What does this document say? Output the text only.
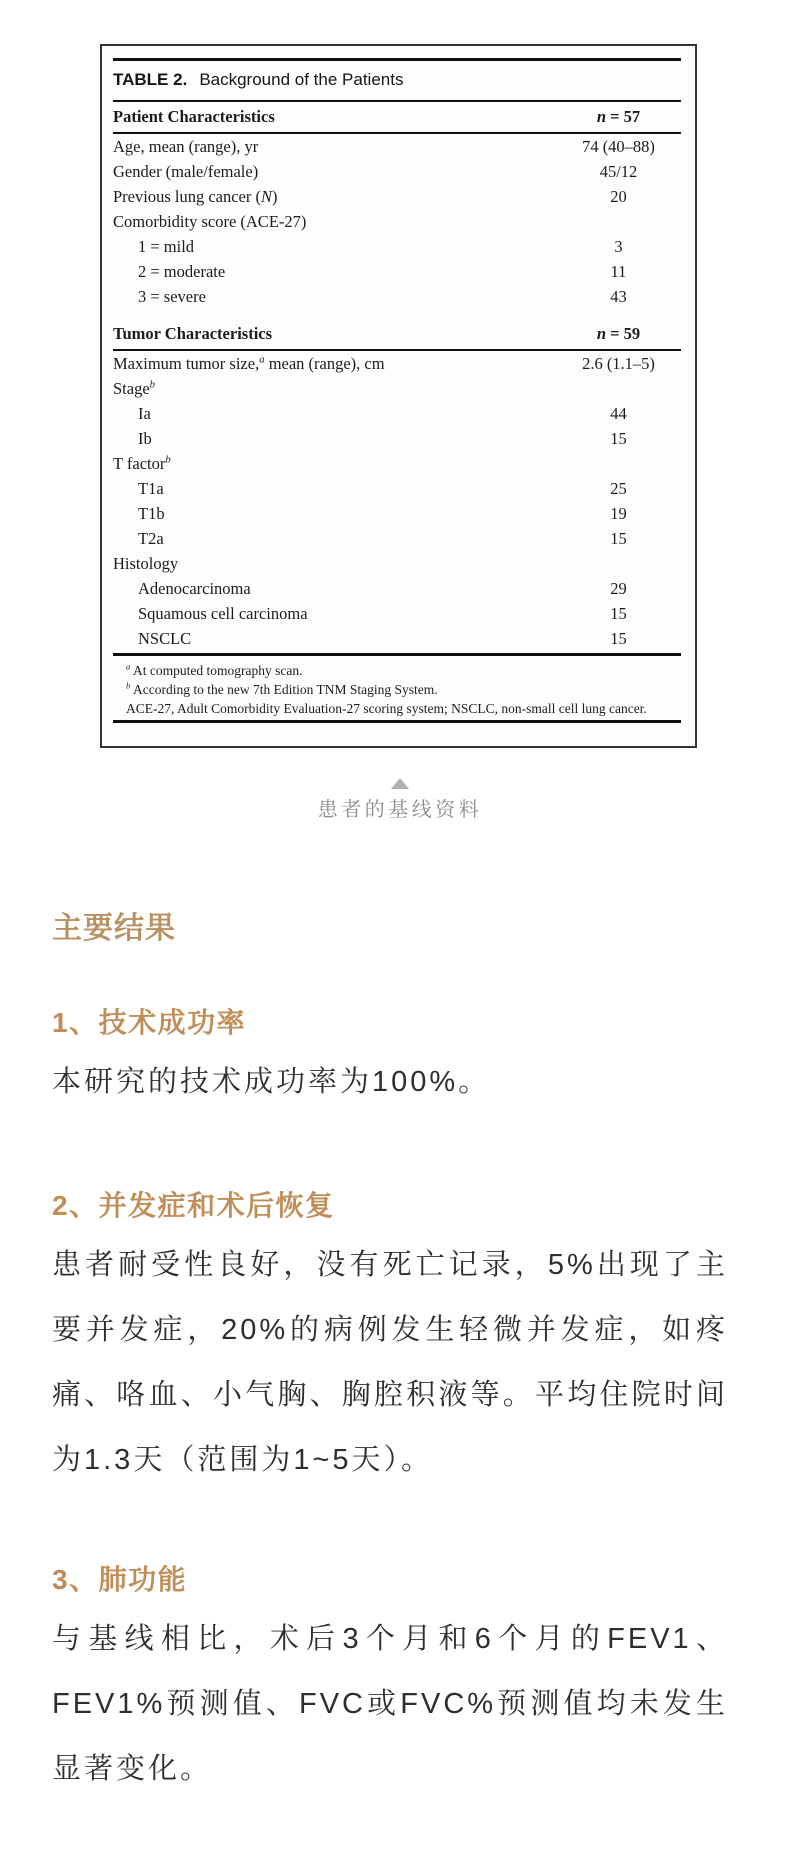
TABLE 2. Background of the Patients
Patient Characteristics	n = 57
Age, mean (range), yr	74 (40–88)
Gender (male/female)	45/12
Previous lung cancer (N)	20
Comorbidity score (ACE-27)
1 = mild	3
2 = moderate	11
3 = severe	43
Tumor Characteristics	n = 59
Maximum tumor size,$^a$ mean (range), cm	2.6 (1.1–5)
Stage$^b$
Ia	44
Ib	15
T factor$^b$
T1a	25
T1b	19
T2a	15
Histology
Adenocarcinoma	29
Squamous cell carcinoma	15
NSCLC	15

$^a$ At computed tomography scan.

$^b$ According to the new 7th Edition TNM Staging System.

ACE-27, Adult Comorbidity Evaluation-27 scoring system; NSCLC, non-small cell lung cancer.

患者的基线资料
主要结果
1、技术成功率

本研究的技术成功率为100%。

2、并发症和术后恢复

患者耐受性良好，没有死亡记录，5%出现了主要并发症，20%的病例发生轻微并发症，如疼痛、咯血、小气胸、胸腔积液等。平均住院时间为1.3天（范围为1~5天）。

3、肺功能

与基线相比，术后3个月和6个月的FEV1、FEV1%预测值、FVC或FVC%预测值均未发生显著变化。
